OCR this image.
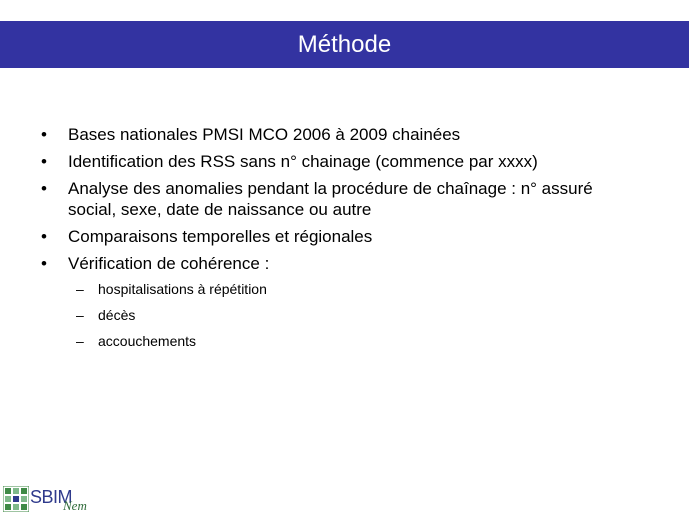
Méthode
• Bases nationales PMSI MCO 2006 à 2009 chainées
• Identification des RSS sans n° chainage (commence par xxxx)
• Analyse des anomalies pendant la procédure de chaînage : n° assuré social, sexe, date de naissance ou autre
• Comparaisons temporelles et régionales
• Vérification de cohérence :
– hospitalisations à répétition
– décès
– accouchements
SBIM
Nem
